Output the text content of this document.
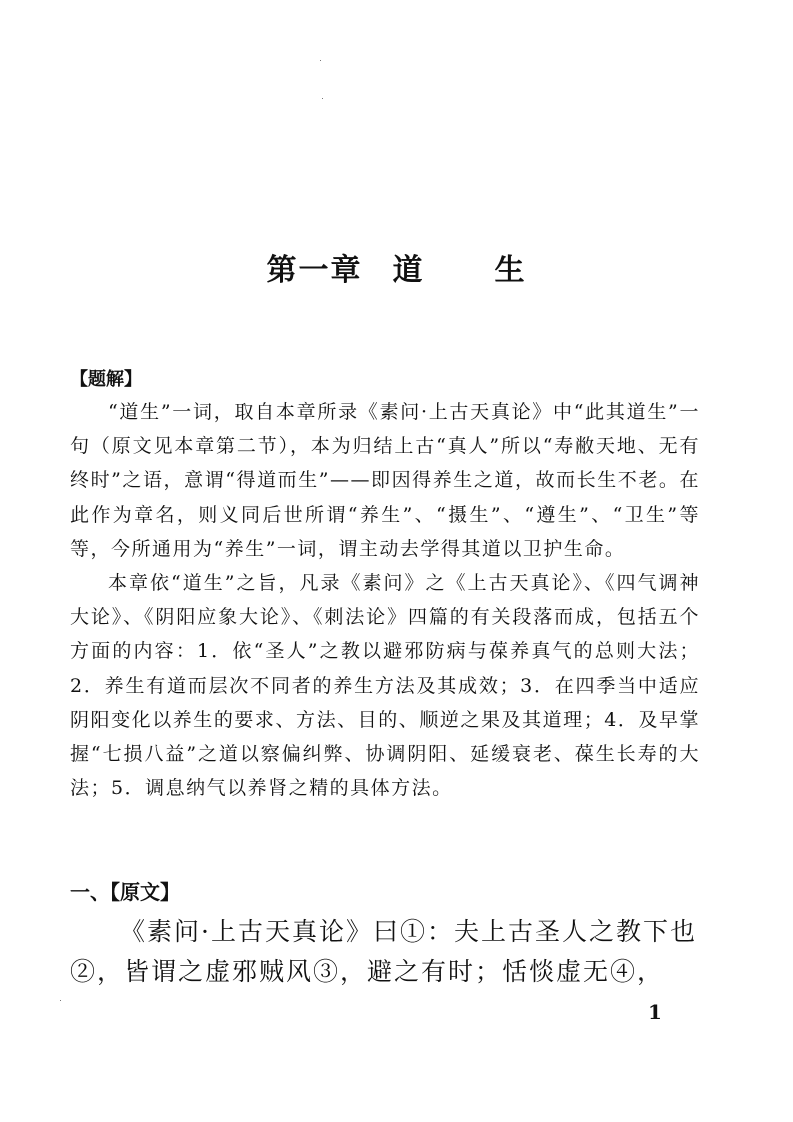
第一章 道 生
【题解】

“道生”一词，取自本章所录《素问·上古天真论》中“此其道生”一句（原文见本章第二节），本为归结上古“真人”所以“寿敝天地、无有终时”之语，意谓“得道而生”——即因得养生之道，故而长生不老。在此作为章名，则义同后世所谓“养生”、“摄生”、“遵生”、“卫生”等等，今所通用为“养生”一词，谓主动去学得其道以卫护生命。

本章依“道生”之旨，凡录《素问》之《上古天真论》、《四气调神大论》、《阴阳应象大论》、《刺法论》四篇的有关段落而成，包括五个方面的内容：1．依“圣人”之教以避邪防病与葆养真气的总则大法；2．养生有道而层次不同者的养生方法及其成效；3．在四季当中适应阴阳变化以养生的要求、方法、目的、顺逆之果及其道理；4．及早掌握“七损八益”之道以察偏纠弊、协调阴阳、延缓衰老、葆生长寿的大法；5．调息纳气以养肾之精的具体方法。

一、【原文】

《素问·上古天真论》曰①：夫上古圣人之教下也②，皆谓之虚邪贼风③，避之有时；恬惔虚无④，

1
